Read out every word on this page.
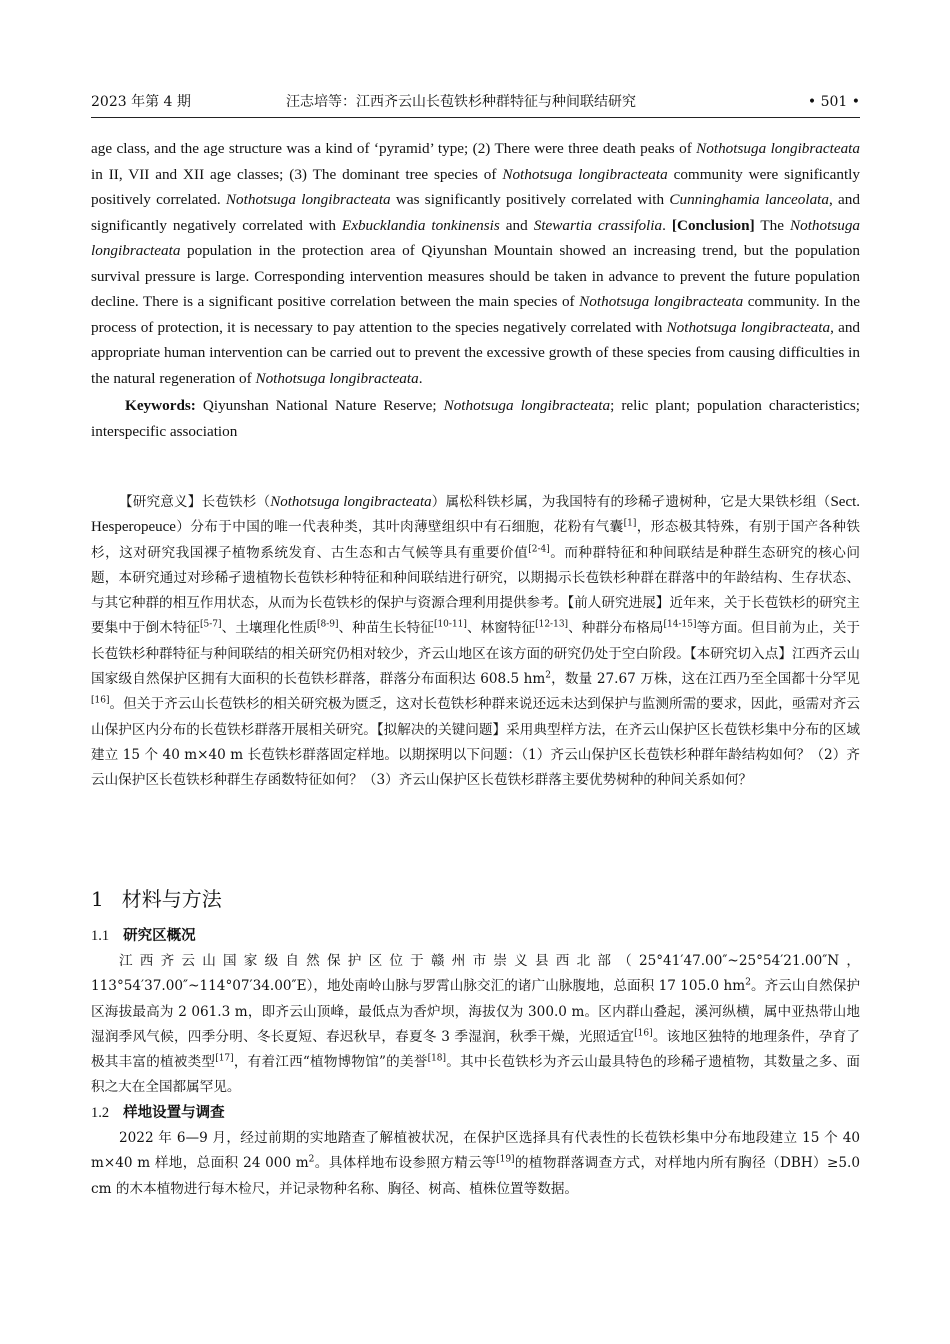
2023 年第 4 期	汪志培等：江西齐云山长苞铁杉种群特征与种间联结研究	• 501 •

age class, and the age structure was a kind of ‘pyramid’ type; (2) There were three death peaks of Nothotsuga longibracteata in II, VII and XII age classes; (3) The dominant tree species of Nothotsuga longibracteata community were significantly positively correlated. Nothotsuga longibracteata was significantly positively correlated with Cunninghamia lanceolata, and significantly negatively correlated with Exbucklandia tonkinensis and Stewartia crassifolia. [Conclusion] The Nothotsuga longibracteata population in the protection area of Qiyunshan Mountain showed an increasing trend, but the population survival pressure is large. Corresponding intervention measures should be taken in advance to prevent the future population decline. There is a significant positive correlation between the main species of Nothotsuga longibracteata community. In the process of protection, it is necessary to pay attention to the species negatively correlated with Nothotsuga longibracteata, and appropriate human intervention can be carried out to prevent the excessive growth of these species from causing difficulties in the natural regeneration of Nothotsuga longibracteata.

Keywords: Qiyunshan National Nature Reserve; Nothotsuga longibracteata; relic plant; population characteristics; interspecific association

【研究意义】长苞铁杉（Nothotsuga longibracteata）属松科铁杉属，为我国特有的珍稀孑遗树种，它是大果铁杉组（Sect. Hesperopeuce）分布于中国的唯一代表种类，其叶肉薄壁组织中有石细胞，花粉有气囊[1]，形态极其特殊，有别于国产各种铁杉，这对研究我国裸子植物系统发育、古生态和古气候等具有重要价值[2-4]。而种群特征和种间联结是种群生态研究的核心问题，本研究通过对珍稀孑遗植物长苞铁杉种特征和种间联结进行研究，以期揭示长苞铁杉种群在群落中的年龄结构、生存状态、与其它种群的相互作用状态，从而为长苞铁杉的保护与资源合理利用提供参考。【前人研究进展】近年来，关于长苞铁杉的研究主要集中于倒木特征[5-7]、土壤理化性质[8-9]、种苗生长特征[10-11]、林窗特征[12-13]、种群分布格局[14-15]等方面。但目前为止，关于长苞铁杉种群特征与种间联结的相关研究仍相对较少，齐云山地区在该方面的研究仍处于空白阶段。【本研究切入点】江西齐云山国家级自然保护区拥有大面积的长苞铁杉群落，群落分布面积达 608.5 $hm^2$，数量 27.67 万株，这在江西乃至全国都十分罕见[16]。但关于齐云山长苞铁杉的相关研究极为匮乏，这对长苞铁杉种群来说还远未达到保护与监测所需的要求，因此，亟需对齐云山保护区内分布的长苞铁杉群落开展相关研究。【拟解决的关键问题】采用典型样方法，在齐云山保护区长苞铁杉集中分布的区域建立 15 个 40 m×40 m 长苞铁杉群落固定样地。以期探明以下问题：（1）齐云山保护区长苞铁杉种群年龄结构如何？（2）齐云山保护区长苞铁杉种群生存函数特征如何？（3）齐云山保护区长苞铁杉群落主要优势树种的种间关系如何？

1 材料与方法
1.1 研究区概况

江西齐云山国家级自然保护区位于赣州市崇义县西北部（25°41′47.00″~25°54′21.00″N，113°54′37.00″~114°07′34.00″E），地处南岭山脉与罗霄山脉交汇的诸广山脉腹地，总面积 17 105.0 $hm^2$。齐云山自然保护区海拔最高为 2 061.3 m，即齐云山顶峰，最低点为香炉坝，海拔仅为 300.0 m。区内群山叠起，溪河纵横，属中亚热带山地湿润季风气候，四季分明、冬长夏短、春迟秋早，春夏冬 3 季湿润，秋季干燥，光照适宜[16]。该地区独特的地理条件，孕育了极其丰富的植被类型[17]，有着江西“植物博物馆”的美誉[18]。其中长苞铁杉为齐云山最具特色的珍稀孑遗植物，其数量之多、面积之大在全国都属罕见。

1.2 样地设置与调查

2022 年 6—9 月，经过前期的实地踏查了解植被状况，在保护区选择具有代表性的长苞铁杉集中分布地段建立 15 个 40 m×40 m 样地，总面积 24 000 $m^2$。具体样地布设参照方精云等[19]的植物群落调查方式，对样地内所有胸径（DBH）≥5.0 cm 的木本植物进行每木检尺，并记录物种名称、胸径、树高、植株位置等数据。
